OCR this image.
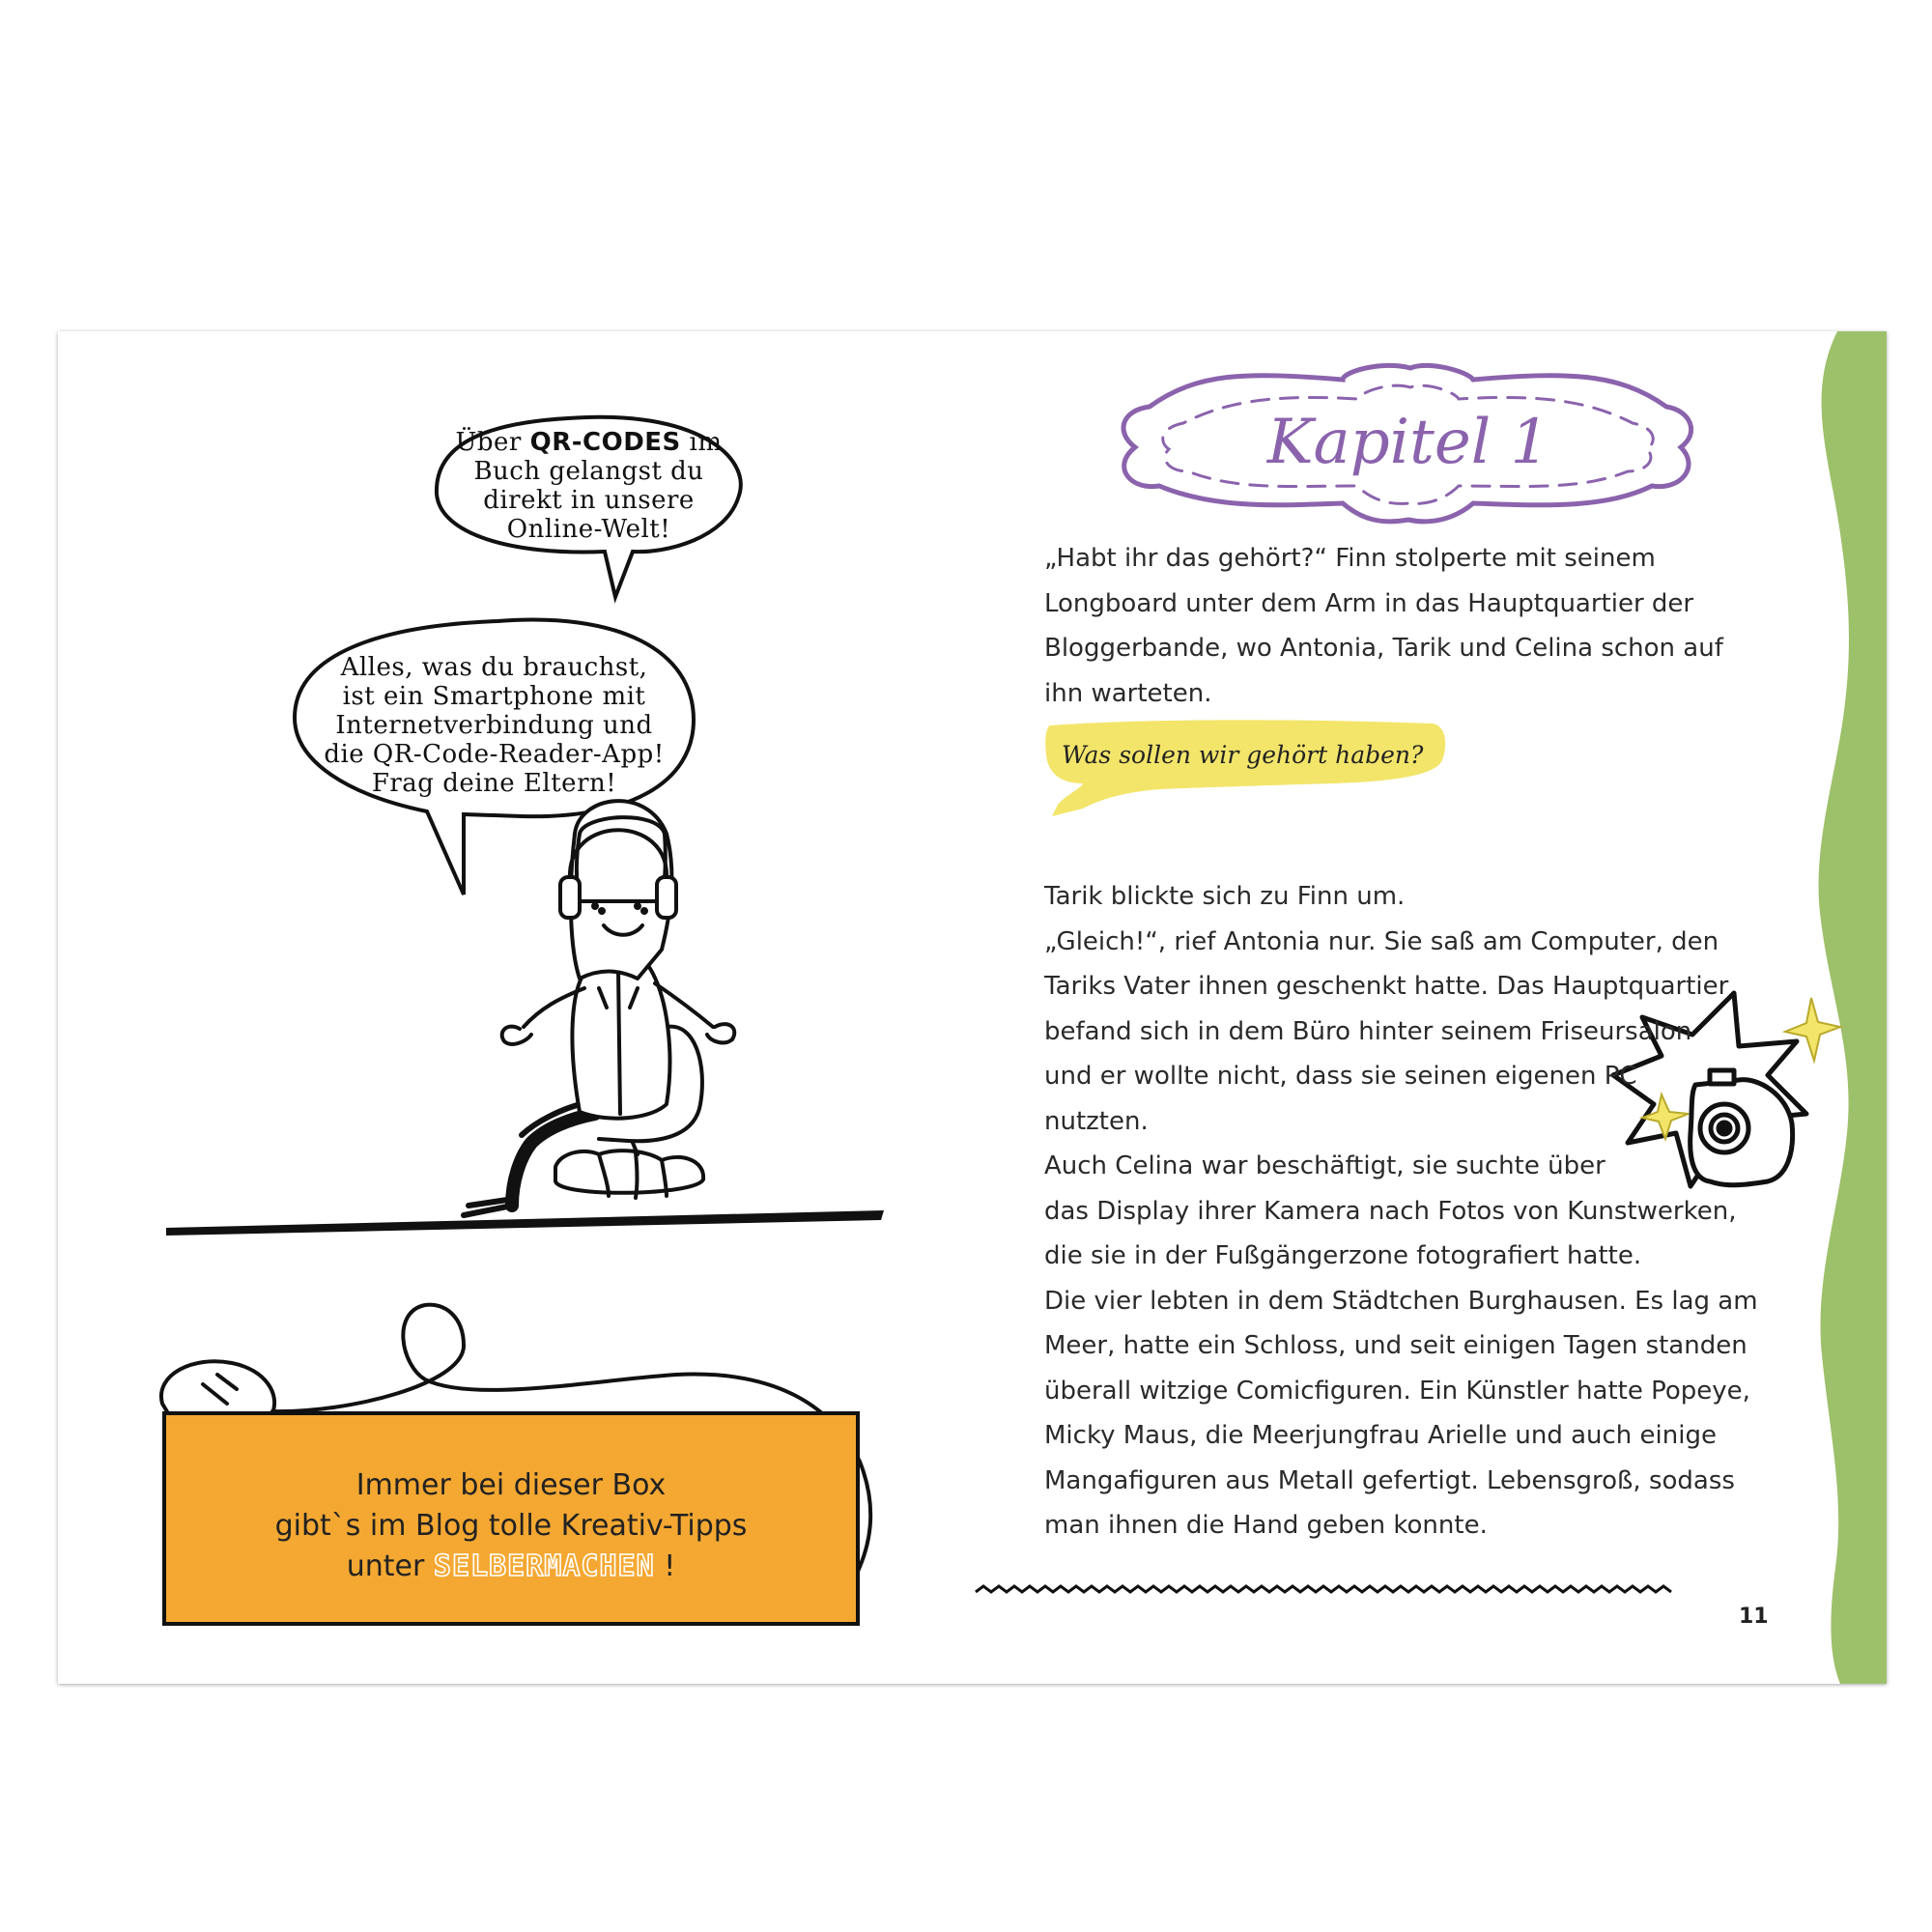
Über QR-CODES im
Buch gelangst du
direkt in unsere
Online-Welt!
Alles, was du brauchst,
ist ein Smartphone mit
Internetverbindung und
die QR-Code-Reader-App!
Frag deine Eltern!
Immer bei dieser Box
gibt`s im Blog tolle Kreativ-Tipps
unter SELBERMACHEN !
Kapitel 1

„Habt ihr das gehört?“ Finn stolperte mit seinem
Longboard unter dem Arm in das Hauptquartier der
Bloggerbande, wo Antonia, Tarik und Celina schon auf
ihn warteten.

Was sollen wir gehört haben?

Tarik blickte sich zu Finn um.
„Gleich!“, rief Antonia nur. Sie saß am Computer, den
Tariks Vater ihnen geschenkt hatte. Das Hauptquartier
befand sich in dem Büro hinter seinem Friseursalon
und er wollte nicht, dass sie seinen eigenen PC
nutzten.
Auch Celina war beschäftigt, sie suchte über
das Display ihrer Kamera nach Fotos von Kunstwerken,
die sie in der Fußgängerzone fotografiert hatte.
Die vier lebten in dem Städtchen Burghausen. Es lag am
Meer, hatte ein Schloss, und seit einigen Tagen standen
überall witzige Comicfiguren. Ein Künstler hatte Popeye,
Micky Maus, die Meerjungfrau Arielle und auch einige
Mangafiguren aus Metall gefertigt. Lebensgroß, sodass
man ihnen die Hand geben konnte.

11
